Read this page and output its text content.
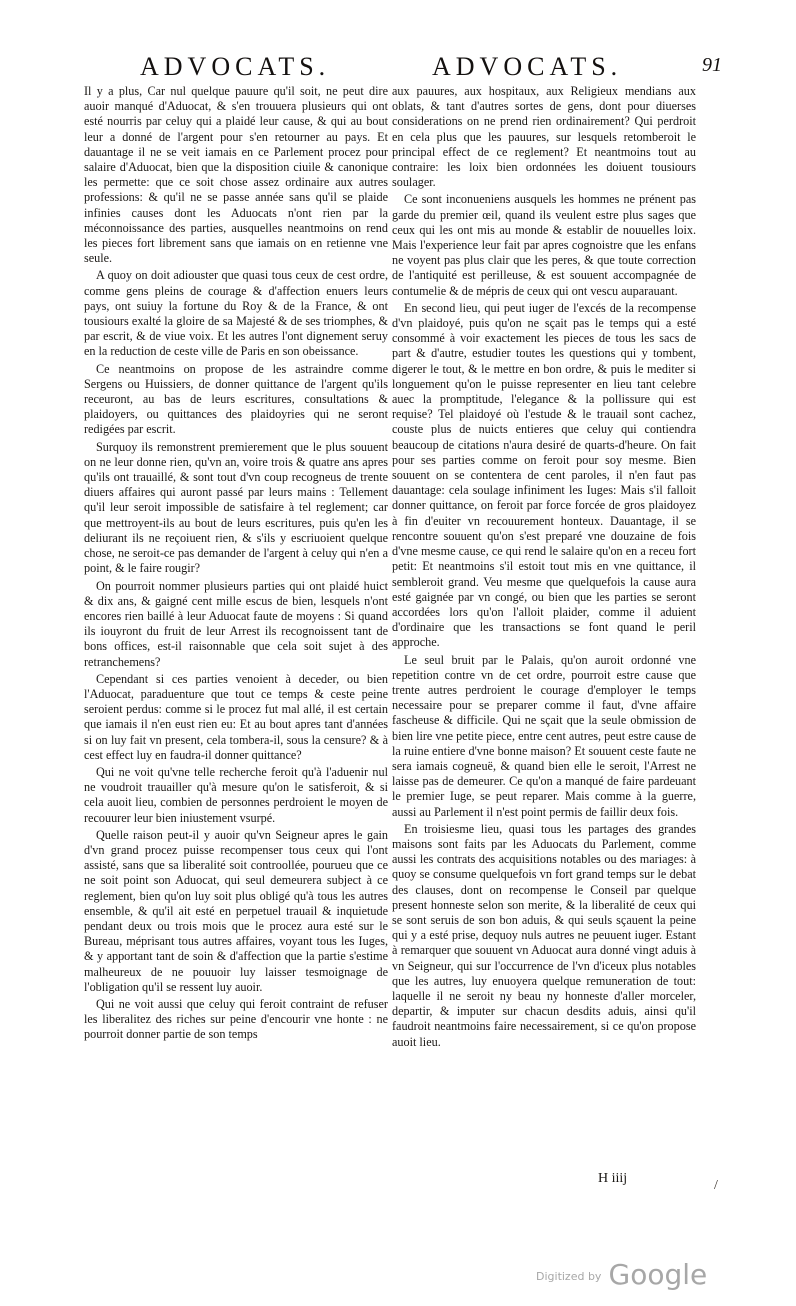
ADVOCATS.	ADVOCATS.	91

Il y a plus, Car nul quelque pauure qu'il soit, ne peut dire auoir manqué d'Aduocat, & s'en trouuera plusieurs qui ont esté nourris par celuy qui a plaidé leur cause, & qui au bout leur a donné de l'argent pour s'en retourner au pays. Et dauantage il ne se veit iamais en ce Parlement procez pour salaire d'Aduocat, bien que la disposition ciuile & canonique les permette: que ce soit chose assez ordinaire aux autres professions: & qu'il ne se passe année sans qu'il se plaide infinies causes dont les Aduocats n'ont rien par la méconnoissance des parties, ausquelles neantmoins on rend les pieces fort librement sans que iamais on en retienne vne seule.

A quoy on doit adiouster que quasi tous ceux de cest ordre, comme gens pleins de courage & d'affection enuers leurs pays, ont suiuy la fortune du Roy & de la France, & ont tousiours exalté la gloire de sa Majesté & de ses triomphes, & par escrit, & de viue voix. Et les autres l'ont dignement seruy en la reduction de ceste ville de Paris en son obeissance.

Ce neantmoins on propose de les astraindre comme Sergens ou Huissiers, de donner quittance de l'argent qu'ils receuront, au bas de leurs escritures, consultations & plaidoyers, ou quittances des plaidoyries qui ne seront redigées par escrit.

Surquoy ils remonstrent premierement que le plus souuent on ne leur donne rien, qu'vn an, voire trois & quatre ans apres qu'ils ont trauaillé, & sont tout d'vn coup recogneus de trente diuers affaires qui auront passé par leurs mains : Tellement qu'il leur seroit impossible de satisfaire à tel reglement; car que mettroyent-ils au bout de leurs escritures, puis qu'en les deliurant ils ne reçoiuent rien, & s'ils y escriuoient quelque chose, ne seroit-ce pas demander de l'argent à celuy qui n'en a point, & le faire rougir?

On pourroit nommer plusieurs parties qui ont plaidé huict & dix ans, & gaigné cent mille escus de bien, lesquels n'ont encores rien baillé à leur Aduocat faute de moyens : Si quand ils iouyront du fruit de leur Arrest ils recognoissent tant de bons offices, est-il raisonnable que cela soit sujet à des retranchemens?

Cependant si ces parties venoient à deceder, ou bien l'Aduocat, paraduenture que tout ce temps & ceste peine seroient perdus: comme si le procez fut mal allé, il est certain que iamais il n'en eust rien eu: Et au bout apres tant d'années si on luy fait vn present, cela tombera-il, sous la censure? & à cest effect luy en faudra-il donner quittance?

Qui ne voit qu'vne telle recherche feroit qu'à l'aduenir nul ne voudroit trauailler qu'à mesure qu'on le satisferoit, & si cela auoit lieu, combien de personnes perdroient le moyen de recouurer leur bien iniustement vsurpé.

Quelle raison peut-il y auoir qu'vn Seigneur apres le gain d'vn grand procez puisse recompenser tous ceux qui l'ont assisté, sans que sa liberalité soit controollée, pourueu que ce ne soit point son Aduocat, qui seul demeurera subject à ce reglement, bien qu'on luy soit plus obligé qu'à tous les autres ensemble, & qu'il ait esté en perpetuel trauail & inquietude pendant deux ou trois mois que le procez aura esté sur le Bureau, méprisant tous autres affaires, voyant tous les Iuges, & y apportant tant de soin & d'affection que la partie s'estime malheureux de ne pouuoir luy laisser tesmoignage de l'obligation qu'il se ressent luy auoir.

Qui ne voit aussi que celuy qui feroit contraint de refuser les liberalitez des riches sur peine d'encourir vne honte : ne pourroit donner partie de son temps

aux pauures, aux hospitaux, aux Religieux mendians aux oblats, & tant d'autres sortes de gens, dont pour diuerses considerations on ne prend rien ordinairement? Qui perdroit en cela plus que les pauures, sur lesquels retomberoit le principal effect de ce reglement? Et neantmoins tout au contraire: les loix bien ordonnées les doiuent tousiours soulager.

Ce sont inconueniens ausquels les hommes ne prénent pas garde du premier œil, quand ils veulent estre plus sages que ceux qui les ont mis au monde & establir de nouuelles loix. Mais l'experience leur fait par apres cognoistre que les enfans ne voyent pas plus clair que les peres, & que toute correction de l'antiquité est perilleuse, & est souuent accompagnée de contumelie & de mépris de ceux qui ont vescu auparauant.

En second lieu, qui peut iuger de l'excés de la recompense d'vn plaidoyé, puis qu'on ne sçait pas le temps qui a esté consommé à voir exactement les pieces de tous les sacs de part & d'autre, estudier toutes les questions qui y tombent, digerer le tout, & le mettre en bon ordre, & puis le mediter si longuement qu'on le puisse representer en lieu tant celebre auec la promptitude, l'elegance & la pollissure qui est requise? Tel plaidoyé où l'estude & le trauail sont cachez, couste plus de nuicts entieres que celuy qui contiendra beaucoup de citations n'aura desiré de quarts-d'heure. On fait pour ses parties comme on feroit pour soy mesme. Bien souuent on se contentera de cent paroles, il n'en faut pas dauantage: cela soulage infiniment les Iuges: Mais s'il falloit donner quittance, on feroit par force forcée de gros plaidoyez à fin d'euiter vn recouurement honteux. Dauantage, il se rencontre souuent qu'on s'est preparé vne douzaine de fois d'vne mesme cause, ce qui rend le salaire qu'on en a receu fort petit: Et neantmoins s'il estoit tout mis en vne quittance, il sembleroit grand. Veu mesme que quelquefois la cause aura esté gaignée par vn congé, ou bien que les parties se seront accordées lors qu'on l'alloit plaider, comme il aduient d'ordinaire que les transactions se font quand le peril approche.

Le seul bruit par le Palais, qu'on auroit ordonné vne repetition contre vn de cet ordre, pourroit estre cause que trente autres perdroient le courage d'employer le temps necessaire pour se preparer comme il faut, d'vne affaire fascheuse & difficile. Qui ne sçait que la seule obmission de bien lire vne petite piece, entre cent autres, peut estre cause de la ruine entiere d'vne bonne maison? Et souuent ceste faute ne sera iamais cogneuë, & quand bien elle le seroit, l'Arrest ne laisse pas de demeurer. Ce qu'on a manqué de faire pardeuant le premier Iuge, se peut reparer. Mais comme à la guerre, aussi au Parlement il n'est point permis de faillir deux fois.

En troisiesme lieu, quasi tous les partages des grandes maisons sont faits par les Aduocats du Parlement, comme aussi les contrats des acquisitions notables ou des mariages: à quoy se consume quelquefois vn fort grand temps sur le debat des clauses, dont on recompense le Conseil par quelque present honneste selon son merite, & la liberalité de ceux qui se sont seruis de son bon aduis, & qui seuls sçauent la peine qui y a esté prise, dequoy nuls autres ne peuuent iuger. Estant à remarquer que souuent vn Aduocat aura donné vingt aduis à vn Seigneur, qui sur l'occurrence de l'vn d'iceux plus notables que les autres, luy enuoyera quelque remuneration de tout: laquelle il ne seroit ny beau ny honneste d'aller morceler, departir, & imputer sur chacun desdits aduis, ainsi qu'il faudroit neantmoins faire necessairement, si ce qu'on propose auoit lieu.

H iiij	/
$^{Digitized by}$ Google
